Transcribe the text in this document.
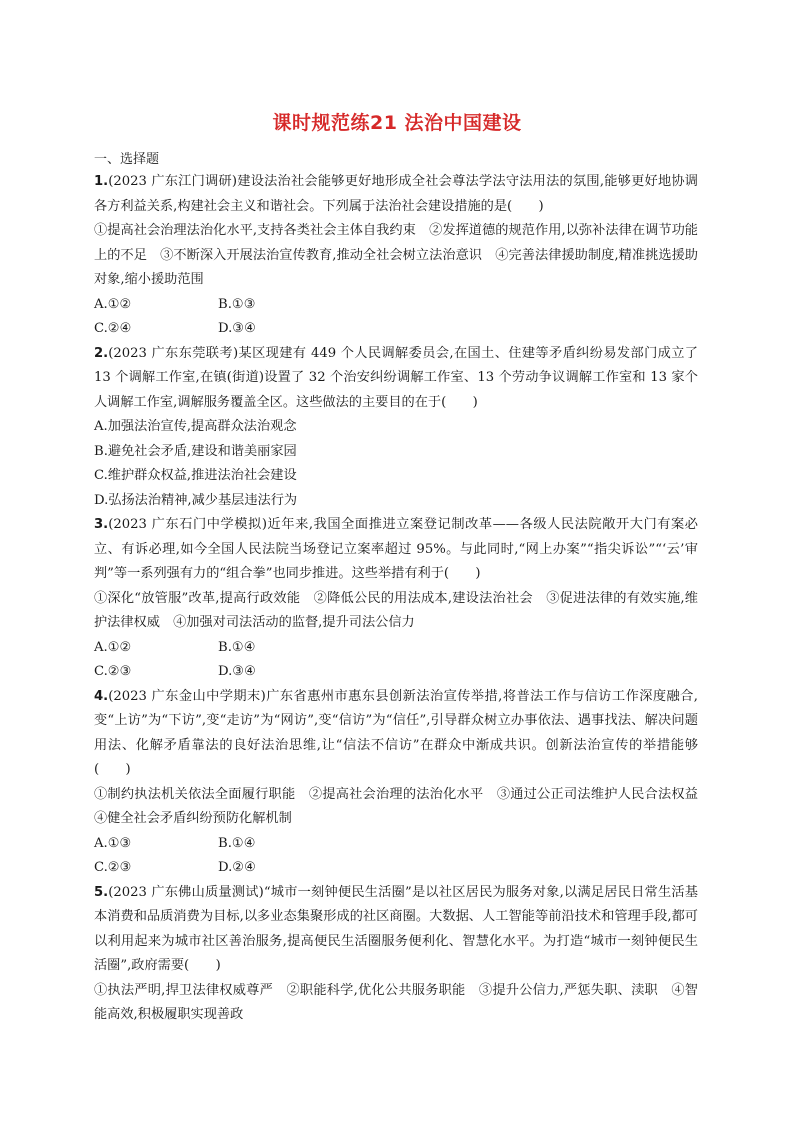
课时规范练21 法治中国建设
一、选择题

1.(2023 广东江门调研)建设法治社会能够更好地形成全社会尊法学法守法用法的氛围,能够更好地协调各方利益关系,构建社会主义和谐社会。下列属于法治社会建设措施的是(　　)

①提高社会治理法治化水平,支持各类社会主体自我约束　②发挥道德的规范作用,以弥补法律在调节功能上的不足　③不断深入开展法治宣传教育,推动全社会树立法治意识　④完善法律援助制度,精准挑选援助对象,缩小援助范围

A.①②	B.①③
C.②④	D.③④

2.(2023 广东东莞联考)某区现建有 449 个人民调解委员会,在国土、住建等矛盾纠纷易发部门成立了 13 个调解工作室,在镇(街道)设置了 32 个治安纠纷调解工作室、13 个劳动争议调解工作室和 13 家个人调解工作室,调解服务覆盖全区。这些做法的主要目的在于(　　)

A.加强法治宣传,提高群众法治观念
B.避免社会矛盾,建设和谐美丽家园
C.维护群众权益,推进法治社会建设
D.弘扬法治精神,减少基层违法行为

3.(2023 广东石门中学模拟)近年来,我国全面推进立案登记制改革——各级人民法院敞开大门有案必立、有诉必理,如今全国人民法院当场登记立案率超过 95%。与此同时,“网上办案”“指尖诉讼”“‘云’审判”等一系列强有力的“组合拳”也同步推进。这些举措有利于(　　)

①深化“放管服”改革,提高行政效能　②降低公民的用法成本,建设法治社会　③促进法律的有效实施,维护法律权威　④加强对司法活动的监督,提升司法公信力

A.①②	B.①④
C.②③	D.③④

4.(2023 广东金山中学期末)广东省惠州市惠东县创新法治宣传举措,将普法工作与信访工作深度融合,变“上访”为“下访”,变“走访”为“网访”,变“信访”为“信任”,引导群众树立办事依法、遇事找法、解决问题用法、化解矛盾靠法的良好法治思维,让“信法不信访”在群众中渐成共识。创新法治宣传的举措能够(　　)

①制约执法机关依法全面履行职能　②提高社会治理的法治化水平　③通过公正司法维护人民合法权益　④健全社会矛盾纠纷预防化解机制

A.①③	B.①④
C.②③	D.②④

5.(2023 广东佛山质量测试)“城市一刻钟便民生活圈”是以社区居民为服务对象,以满足居民日常生活基本消费和品质消费为目标,以多业态集聚形成的社区商圈。大数据、人工智能等前沿技术和管理手段,都可以利用起来为城市社区善治服务,提高便民生活圈服务便利化、智慧化水平。为打造“城市一刻钟便民生活圈”,政府需要(　　)

①执法严明,捍卫法律权威尊严　②职能科学,优化公共服务职能　③提升公信力,严惩失职、渎职　④智能高效,积极履职实现善政
